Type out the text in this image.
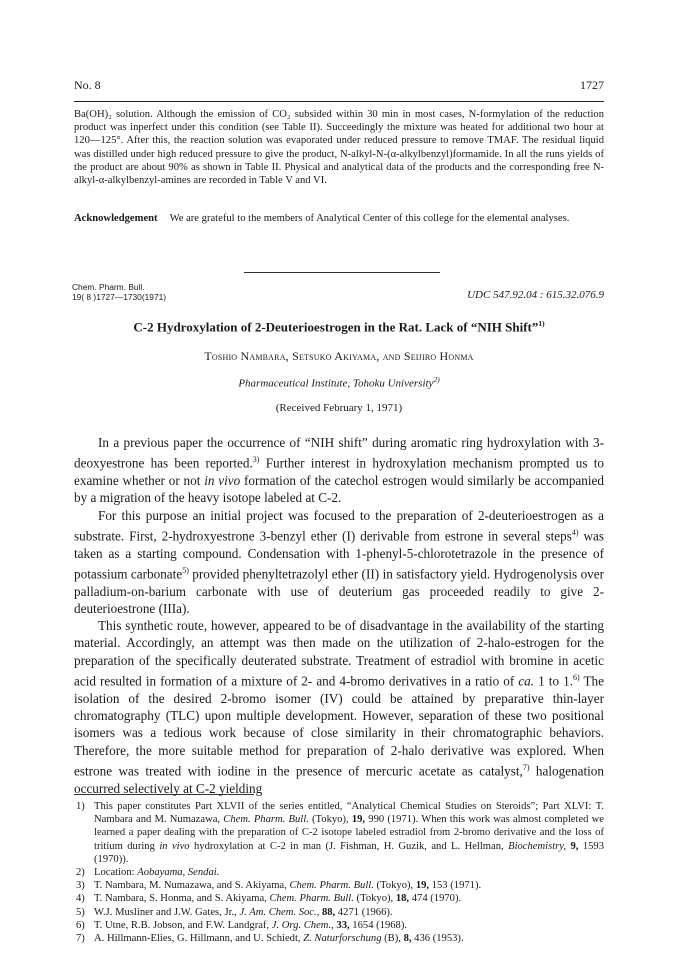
No. 8	1727

Ba(OH)₂ solution. Although the emission of CO₂ subsided within 30 min in most cases, N-formylation of the reduction product was inperfect under this condition (see Table II). Succeedingly the mixture was heated for additional two hour at 120—125°. After this, the reaction solution was evaporated under reduced pressure to remove TMAF. The residual liquid was distilled under high reduced pressure to give the product, N-alkyl-N-(α-alkylbenzyl)formamide. In all the runs yields of the product are about 90% as shown in Table II. Physical and analytical data of the products and the corresponding free N-alkyl-α-alkylbenzyl-amines are recorded in Table V and VI.

Acknowledgement We are grateful to the members of Analytical Center of this college for the elemental analyses.

Chem. Pharm. Bull.
19( 8 )1727—1730(1971)	UDC 547.92.04 : 615.32.076.9
C-2 Hydroxylation of 2-Deuterioestrogen in the Rat. Lack of “NIH Shift”$^{1)}$
Toshio Nambara, Setsuko Akiyama, and Seijiro Honma
Pharmaceutical Institute, Tohoku University$^{2)}$
(Received February 1, 1971)

In a previous paper the occurrence of “NIH shift” during aromatic ring hydroxylation with 3-deoxyestrone has been reported.$^{3)}$ Further interest in hydroxylation mechanism prompted us to examine whether or not in vivo formation of the catechol estrogen would similarly be accompanied by a migration of the heavy isotope labeled at C-2.

For this purpose an initial project was focused to the preparation of 2-deuterioestrogen as a substrate. First, 2-hydroxyestrone 3-benzyl ether (I) derivable from estrone in several steps$^{4)}$ was taken as a starting compound. Condensation with 1-phenyl-5-chlorotetrazole in the presence of potassium carbonate$^{5)}$ provided phenyltetrazolyl ether (II) in satisfactory yield. Hydrogenolysis over palladium-on-barium carbonate with use of deuterium gas proceeded readily to give 2-deuterioestrone (IIIa).

This synthetic route, however, appeared to be of disadvantage in the availability of the starting material. Accordingly, an attempt was then made on the utilization of 2-halo-estrogen for the preparation of the specifically deuterated substrate. Treatment of estradiol with bromine in acetic acid resulted in formation of a mixture of 2- and 4-bromo derivatives in a ratio of ca. 1 to 1.$^{6)}$ The isolation of the desired 2-bromo isomer (IV) could be attained by preparative thin-layer chromatography (TLC) upon multiple development. However, separation of these two positional isomers was a tedious work because of close similarity in their chromatographic behaviors. Therefore, the more suitable method for preparation of 2-halo derivative was explored. When estrone was treated with iodine in the presence of mercuric acetate as catalyst,$^{7)}$ halogenation occurred selectively at C-2 yielding

1) This paper constitutes Part XLVII of the series entitled, “Analytical Chemical Studies on Steroids”; Part XLVI: T. Nambara and M. Numazawa, Chem. Pharm. Bull. (Tokyo), 19, 990 (1971). When this work was almost completed we learned a paper dealing with the preparation of C-2 isotope labeled estradiol from 2-bromo derivative and the loss of tritium during in vivo hydroxylation at C-2 in man (J. Fishman, H. Guzik, and L. Hellman, Biochemistry, 9, 1593 (1970)).

2) Location: Aobayama, Sendai.

3) T. Nambara, M. Numazawa, and S. Akiyama, Chem. Pharm. Bull. (Tokyo), 19, 153 (1971).

4) T. Nambara, S. Honma, and S. Akiyama, Chem. Pharm. Bull. (Tokyo), 18, 474 (1970).

5) W.J. Musliner and J.W. Gates, Jr., J. Am. Chem. Soc., 88, 4271 (1966).

6) T. Utne, R.B. Jobson, and F.W. Landgraf, J. Org. Chem., 33, 1654 (1968).

7) A. Hillmann-Elies, G. Hillmann, and U. Schiedt, Z. Naturforschung (B), 8, 436 (1953).
